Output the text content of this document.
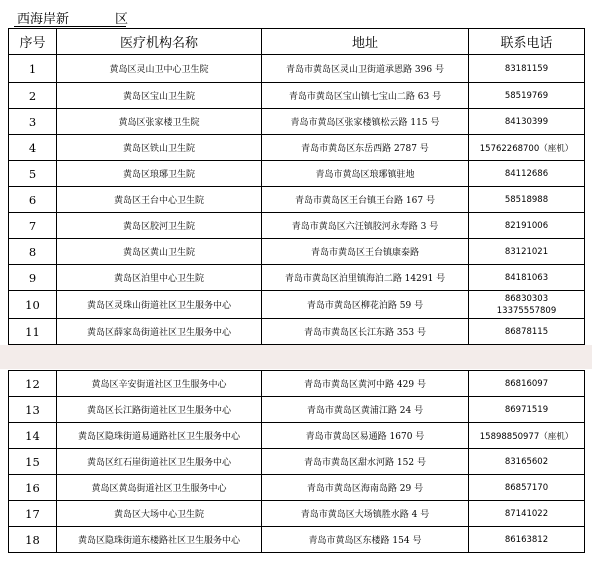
西海岸新	区
序号	医疗机构名称	地址	联系电话
1	黄岛区灵山卫中心卫生院	青岛市黄岛区灵山卫街道承恩路 396 号	83181159
2	黄岛区宝山卫生院	青岛市黄岛区宝山镇七宝山二路 63 号	58519769
3	黄岛区张家楼卫生院	青岛市黄岛区张家楼镇松云路 115 号	84130399
4	黄岛区铁山卫生院	青岛市黄岛区东岳西路 2787 号	15762268700（座机）
5	黄岛区琅琊卫生院	青岛市黄岛区琅琊镇驻地	84112686
6	黄岛区王台中心卫生院	青岛市黄岛区王台镇王台路 167 号	58518988
7	黄岛区胶河卫生院	青岛市黄岛区六汪镇胶河永寿路 3 号	82191006
8	黄岛区黄山卫生院	青岛市黄岛区王台镇康泰路	83121021
9	黄岛区泊里中心卫生院	青岛市黄岛区泊里镇海泊二路 14291 号	84181063
10	黄岛区灵珠山街道社区卫生服务中心	青岛市黄岛区柳花泊路 59 号	86830303
13375557809

11	黄岛区薛家岛街道社区卫生服务中心	青岛市黄岛区长江东路 353 号	86878115
12	黄岛区辛安街道社区卫生服务中心	青岛市黄岛区黄河中路 429 号	86816097
13	黄岛区长江路街道社区卫生服务中心	青岛市黄岛区黄浦江路 24 号	86971519
14	黄岛区隐珠街道易通路社区卫生服务中心	青岛市黄岛区易通路 1670 号	15898850977（座机）
15	黄岛区红石崖街道社区卫生服务中心	青岛市黄岛区甜水河路 152 号	83165602
16	黄岛区黄岛街道社区卫生服务中心	青岛市黄岛区海南岛路 29 号	86857170
17	黄岛区大场中心卫生院	青岛市黄岛区大场镇胜水路 4 号	87141022
18	黄岛区隐珠街道东楼路社区卫生服务中心	青岛市黄岛区东楼路 154 号	86163812
